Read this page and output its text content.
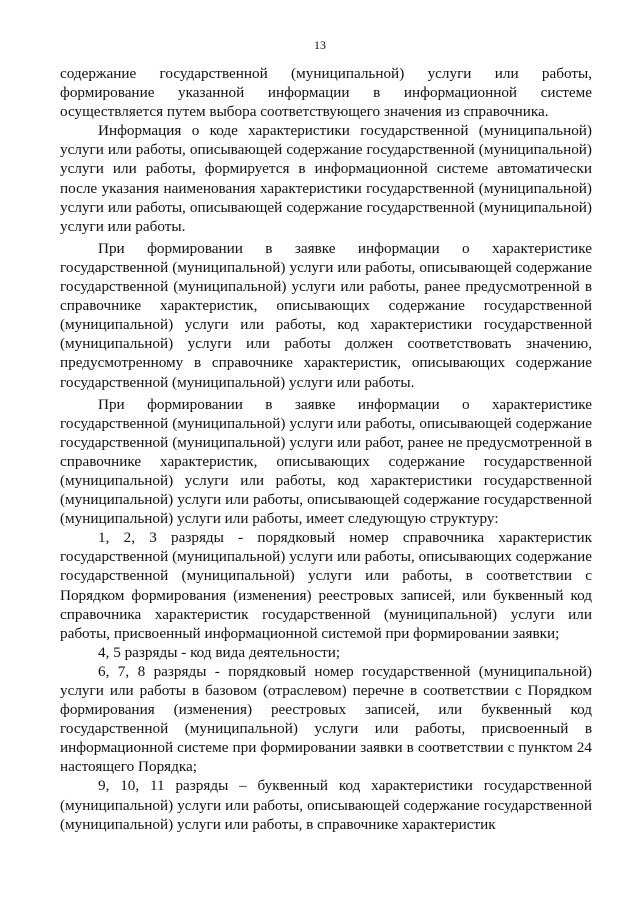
13

содержание государственной (муниципальной) услуги или работы, формирование указанной информации в информационной системе осуществляется путем выбора соответствующего значения из справочника.

Информация о коде характеристики государственной (муниципальной) услуги или работы, описывающей содержание государственной (муниципальной) услуги или работы, формируется в информационной системе автоматически после указания наименования характеристики государственной (муниципальной) услуги или работы, описывающей содержание государственной (муниципальной) услуги или работы.

При формировании в заявке информации о характеристике государственной (муниципальной) услуги или работы, описывающей содержание государственной (муниципальной) услуги или работы, ранее предусмотренной в справочнике характеристик, описывающих содержание государственной (муниципальной) услуги или работы, код характеристики государственной (муниципальной) услуги или работы должен соответствовать значению, предусмотренному в справочнике характеристик, описывающих содержание государственной (муниципальной) услуги или работы.

При формировании в заявке информации о характеристике государственной (муниципальной) услуги или работы, описывающей содержание государственной (муниципальной) услуги или работ, ранее не предусмотренной в справочнике характеристик, описывающих содержание государственной (муниципальной) услуги или работы, код характеристики государственной (муниципальной) услуги или работы, описывающей содержание государственной (муниципальной) услуги или работы, имеет следующую структуру:

1, 2, 3 разряды - порядковый номер справочника характеристик государственной (муниципальной) услуги или работы, описывающих содержание государственной (муниципальной) услуги или работы, в соответствии с Порядком формирования (изменения) реестровых записей, или буквенный код справочника характеристик государственной (муниципальной) услуги или работы, присвоенный информационной системой при формировании заявки;

4, 5 разряды - код вида деятельности;

6, 7, 8 разряды - порядковый номер государственной (муниципальной) услуги или работы в базовом (отраслевом) перечне в соответствии с Порядком формирования (изменения) реестровых записей, или буквенный код государственной (муниципальной) услуги или работы, присвоенный в информационной системе при формировании заявки в соответствии с пунктом 24 настоящего Порядка;

9, 10, 11 разряды – буквенный код характеристики государственной (муниципальной) услуги или работы, описывающей содержание государственной (муниципальной) услуги или работы, в справочнике характеристик
